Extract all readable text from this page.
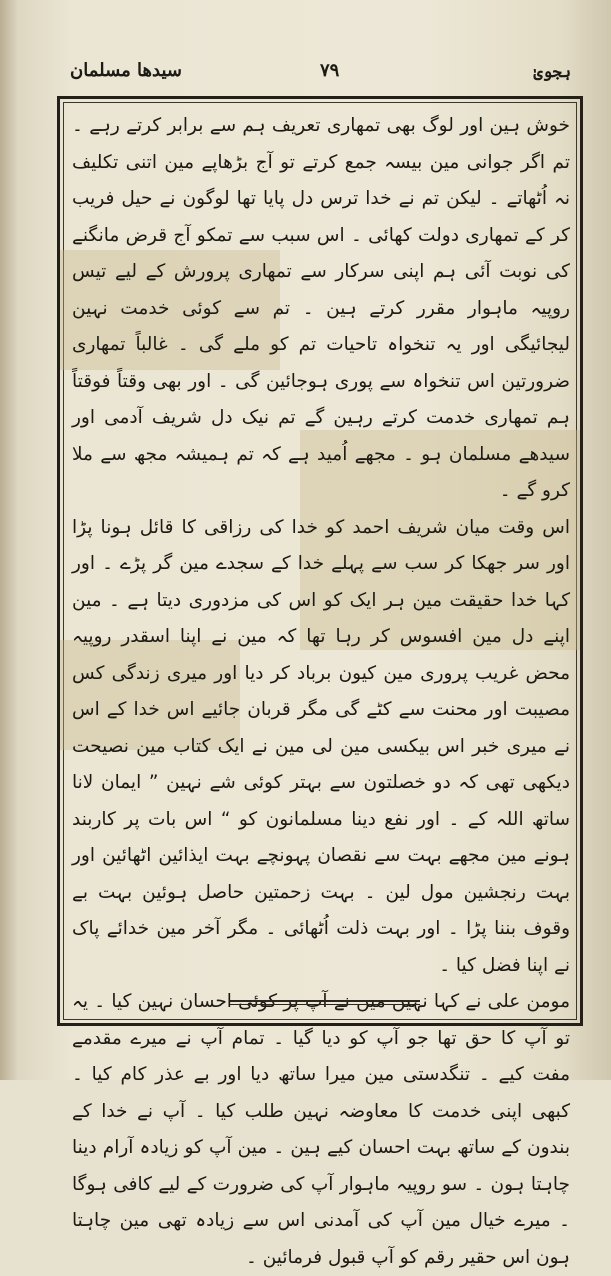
سیدھا مسلمان	۷۹	ہجویٰ

خوش ہین اور لوگ بھی تمھاری تعریف ہم سے برابر کرتے رہے ۔ تم اگر جوانی مین بیسہ جمع کرتے تو آج بڑھاپے مین اتنی تکلیف نہ اُٹھاتے ۔ لیکن تم نے خدا ترس دل پایا تھا لوگون نے حیل فریب کر کے تمھاری دولت کھائی ۔ اس سبب سے تمکو آج قرض مانگنے کی نوبت آئی ہم اپنی سرکار سے تمھاری پرورش کے لیے تیس روپیہ ماہوار مقرر کرتے ہین ۔ تم سے کوئی خدمت نہین لیجائیگی اور یہ تنخواہ تاحیات تم کو ملے گی ۔ غالباً تمھاری ضرورتین اس تنخواہ سے پوری ہوجائین گی ۔ اور بھی وقتاً فوقتاً ہم تمھاری خدمت کرتے رہین گے تم نیک دل شریف آدمی اور سیدھے مسلمان ہو ۔ مجھے اُمید ہے کہ تم ہمیشہ مجھ سے ملا کرو گے ۔

اس وقت میان شریف احمد کو خدا کی رزاقی کا قائل ہونا پڑا اور سر جھکا کر سب سے پہلے خدا کے سجدے مین گر پڑے ۔ اور کہا خدا حقیقت مین ہر ایک کو اس کی مزدوری دیتا ہے ۔ مین اپنے دل مین افسوس کر رہا تھا کہ مین نے اپنا اسقدر روپیہ محض غریب پروری مین کیون برباد کر دیا اور میری زندگی کس مصیبت اور محنت سے کٹے گی مگر قربان جائیے اس خدا کے اس نے میری خبر اس بیکسی مین لی مین نے ایک کتاب مین نصیحت دیکھی تھی کہ دو خصلتون سے بہتر کوئی شے نہین ” ایمان لانا ساتھ اللہ کے ۔ اور نفع دینا مسلمانون کو “ اس بات پر کاربند ہونے مین مجھے بہت سے نقصان پہونچے بہت ایذائین اٹھائین اور بہت رنجشین مول لین ۔ بہت زحمتین حاصل ہوئین بہت بے وقوف بننا پڑا ۔ اور بہت ذلت اُٹھائی ۔ مگر آخر مین خدائے پاک نے اپنا فضل کیا ۔

مومن علی نے کہا نہین مین نے آپ پر کوئی احسان نہین کیا ۔ یہ تو آپ کا حق تھا جو آپ کو دیا گیا ۔ تمام آپ نے میرے مقدمے مفت کیے ۔ تنگدستی مین میرا ساتھ دیا اور بے عذر کام کیا ۔ کبھی اپنی خدمت کا معاوضہ نہین طلب کیا ۔ آپ نے خدا کے بندون کے ساتھ بہت احسان کیے ہین ۔ مین آپ کو زیادہ آرام دینا چاہتا ہون ۔ سو روپیہ ماہوار آپ کی ضرورت کے لیے کافی ہوگا ۔ میرے خیال مین آپ کی آمدنی اس سے زیادہ تھی مین چاہتا ہون اس حقیر رقم کو آپ قبول فرمائین ۔
